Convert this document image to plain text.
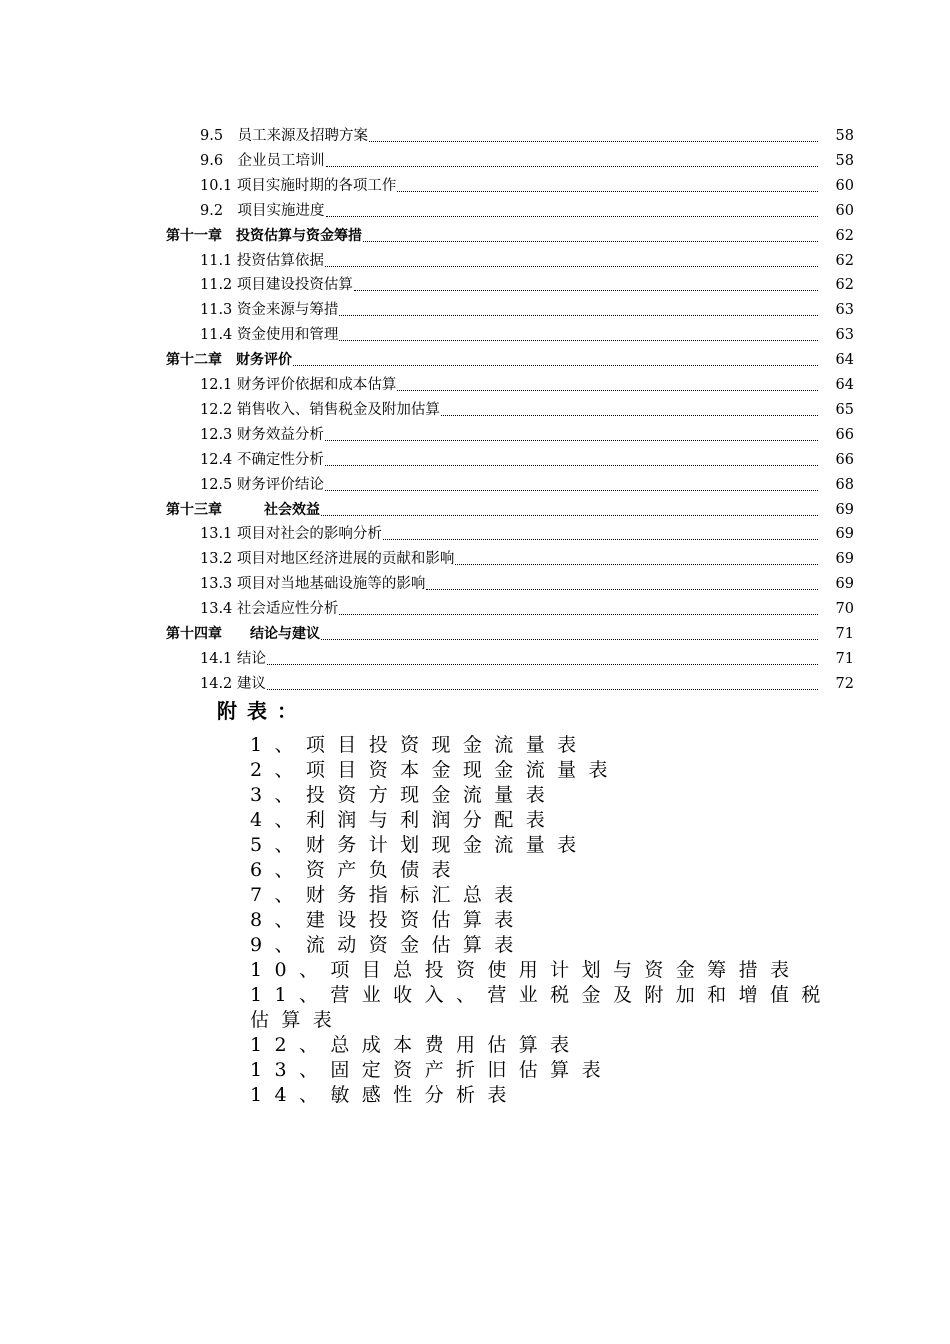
9.5　员工来源及招聘方案	58
9.6　企业员工培训	58
10.1 项目实施时期的各项工作	60
9.2　项目实施进度	60
第十一章　投资估算与资金筹措	62
11.1 投资估算依据	62
11.2 项目建设投资估算	62
11.3 资金来源与筹措	63
11.4 资金使用和管理	63
第十二章　财务评价	64
12.1 财务评价依据和成本估算	64
12.2 销售收入、销售税金及附加估算	65
12.3 财务效益分析	66
12.4 不确定性分析	66
12.5 财务评价结论	68
第十三章　　　社会效益	69
13.1 项目对社会的影响分析	69
13.2 项目对地区经济进展的贡献和影响	69
13.3 项目对当地基础设施等的影响	69
13.4 社会适应性分析	70
第十四章　　结论与建议	71
14.1 结论	71
14.2 建议	72
附表：
1、项目投资现金流量表
2、项目资本金现金流量表
3、投资方现金流量表
4、利润与利润分配表
5、财务计划现金流量表
6、资产负债表
7、财务指标汇总表
8、建设投资估算表
9、流动资金估算表
10、项目总投资使用计划与资金筹措表
11、营业收入、营业税金及附加和增值税
估算表
12、总成本费用估算表
13、固定资产折旧估算表
14、敏感性分析表
